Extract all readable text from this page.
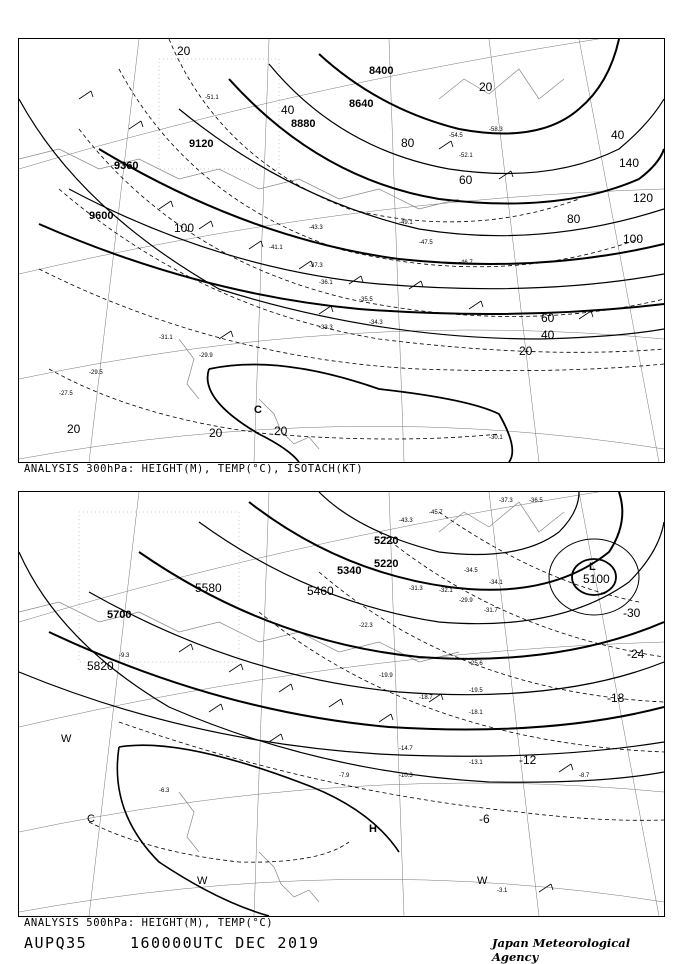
-51.1
-54.5
-58.3
-52.1
-49.1
-47.5
-46.7
-43.3
-41.1
-37.3
-36.1
-35.5
-34.3
-33.3
-31.1
-29.9
-29.5
-30.1
-27.5
8400
8640
8880
9120
9360
9600
20
20
40
40
60
80
80
100
100
120
140
60
40
20
20	20	20
C
ANALYSIS 300hPa: HEIGHT(M), TEMP(°C), ISOTACH(KT)
-37.3	-36.5
-45.7
-43.3
-34.5
-34.1
-31.3	-32.1
-29.9
-31.7
-25.6
-22.3
-19.9
-18.7
-19.5
-18.1
-14.7
-13.1
-10.3	-8.7
-7.9
-6.3
-3.1
-9.3
5100
5220
5340
5460
5580
5700
5820
5220
-30
-24
-18
-12
-6
L
H
W
W	W
C
ANALYSIS 500hPa: HEIGHT(M), TEMP(°C)
AUPQ35	160000UTC DEC 2019	Japan Meteorological Agency
